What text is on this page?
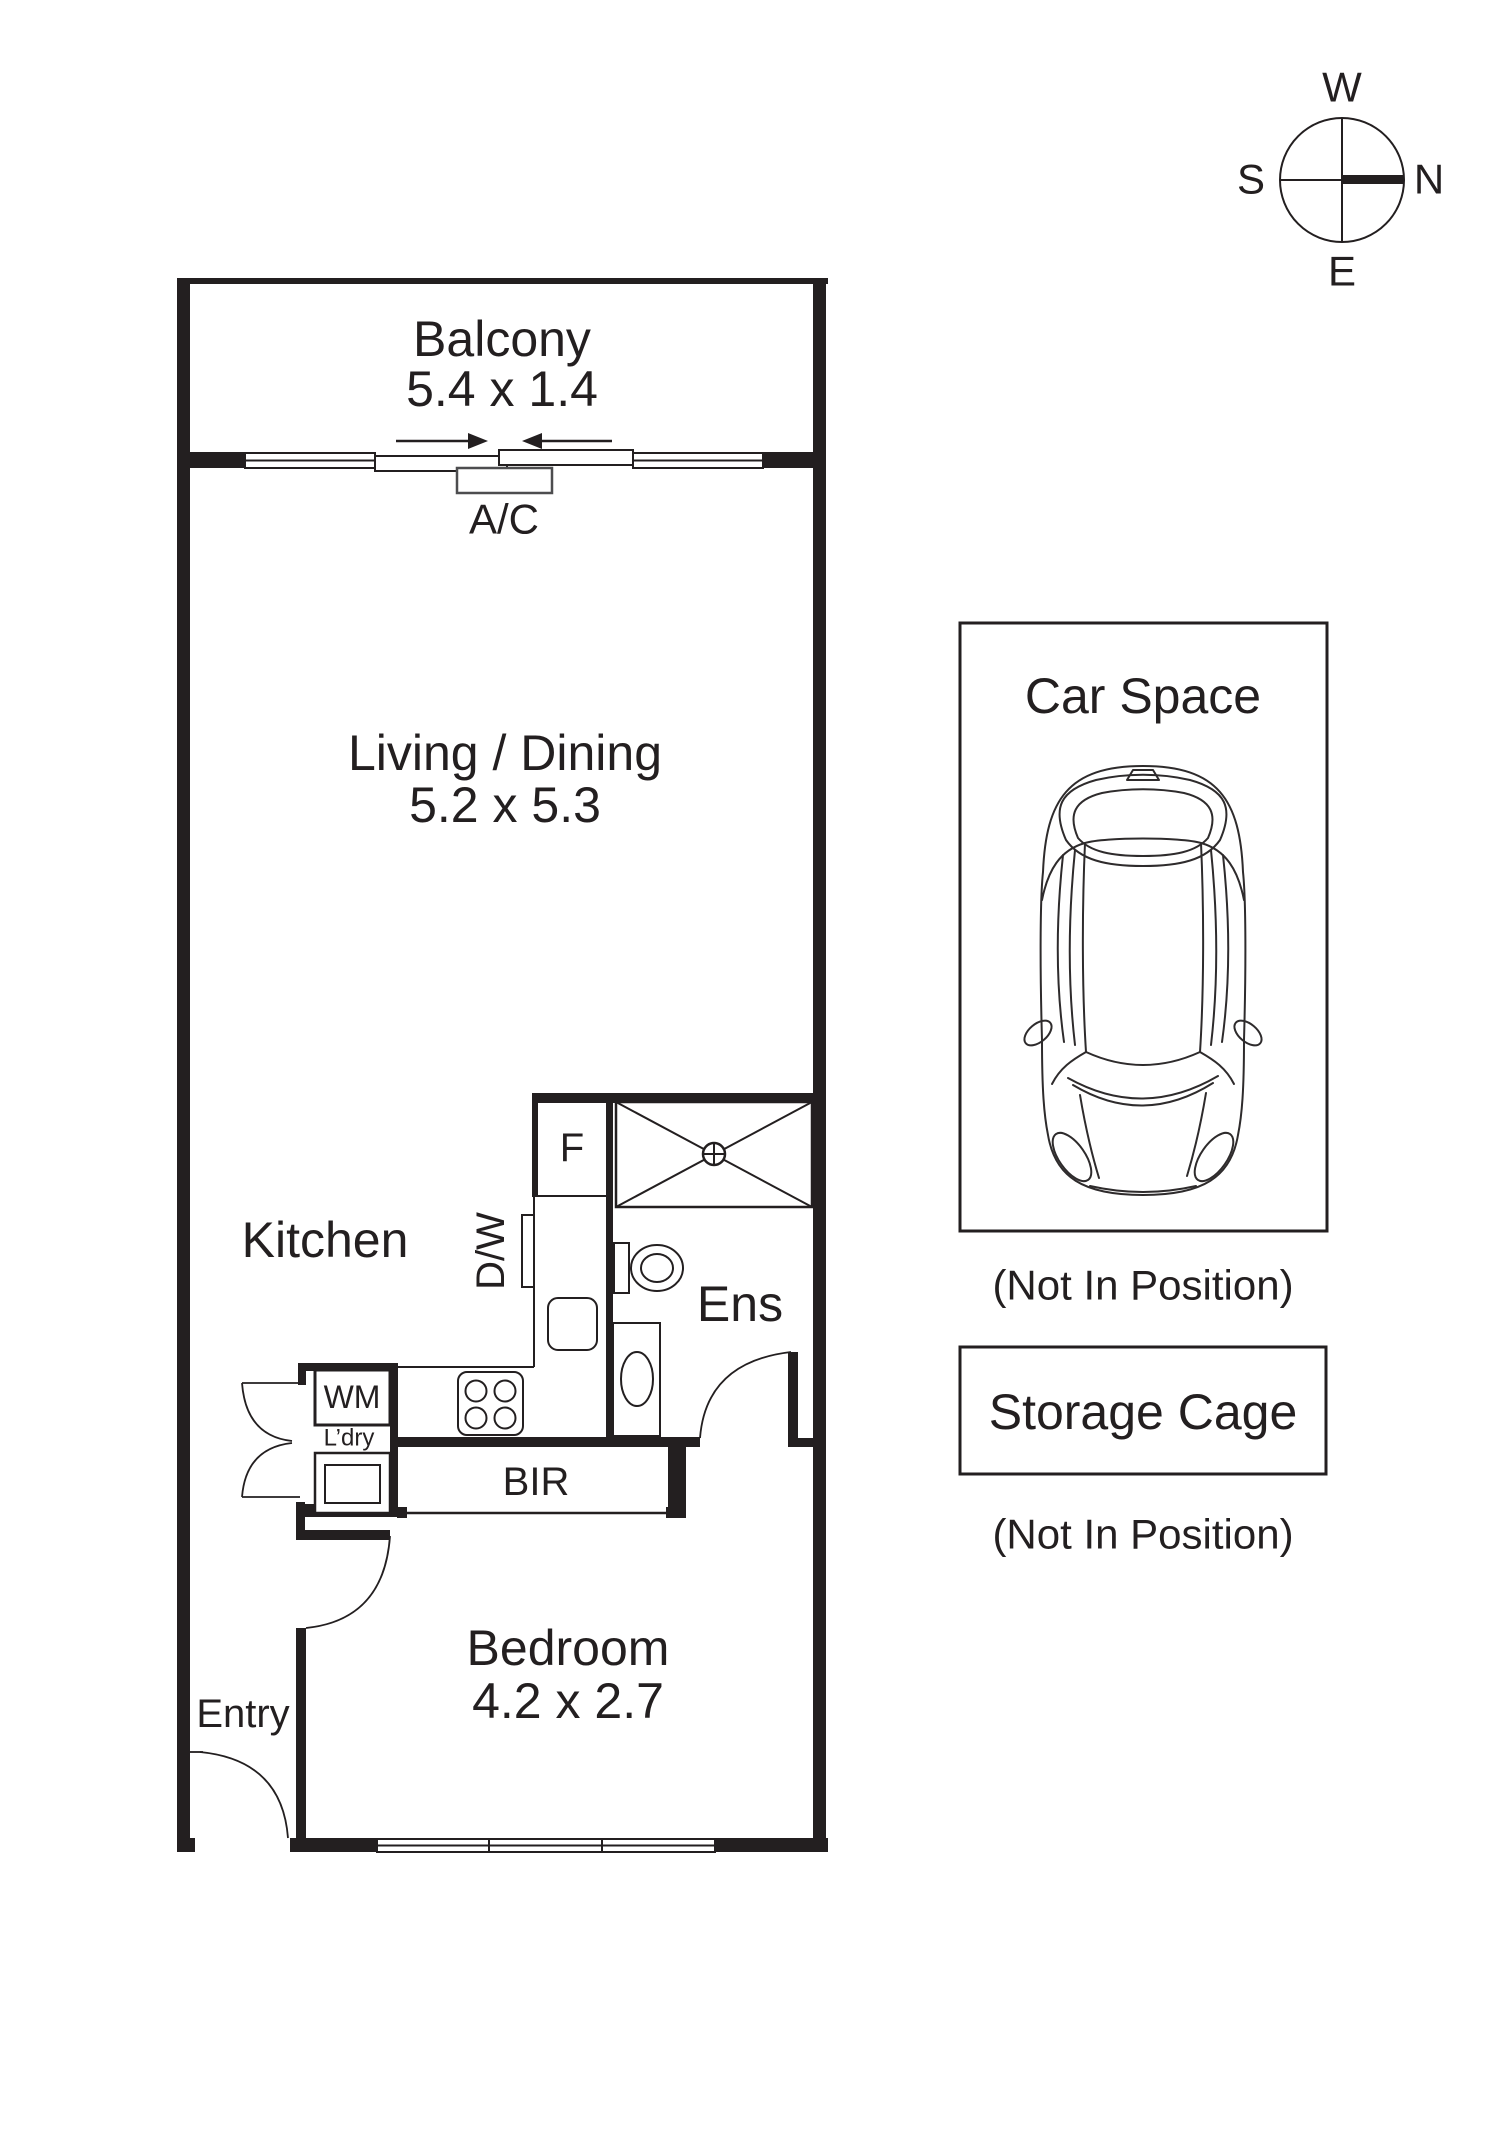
W
S	N
E
Balcony
5.4 x 1.4
A/C
Living / Dining
5.2 x 5.3
F
Ens
Kitchen D/W
WM
L’dry
BIR
Bedroom
4.2 x 2.7
Entry
Car Space
(Not In Position)
Storage Cage
(Not In Position)
